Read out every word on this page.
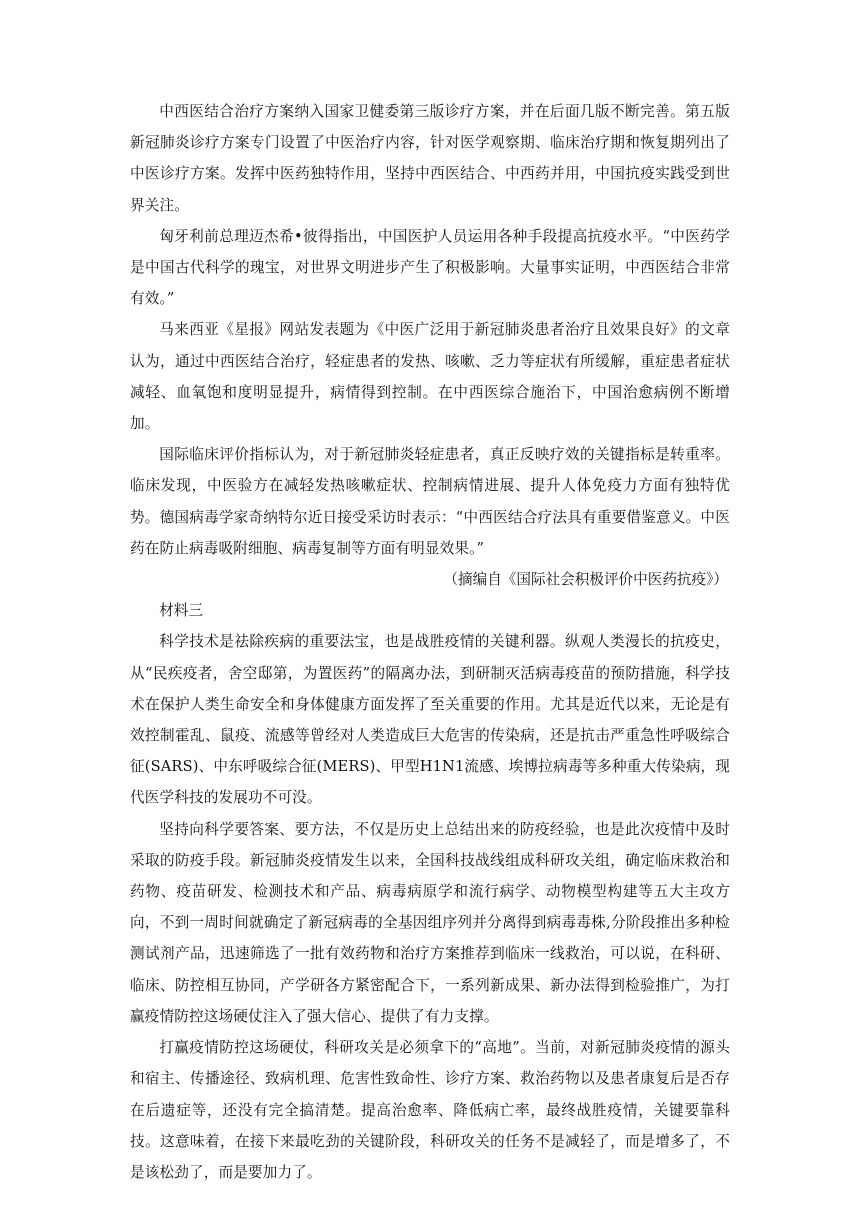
中西医结合治疗方案纳入国家卫健委第三版诊疗方案，并在后面几版不断完善。第五版新冠肺炎诊疗方案专门设置了中医治疗内容，针对医学观察期、临床治疗期和恢复期列出了中医诊疗方案。发挥中医药独特作用，坚持中西医结合、中西药并用，中国抗疫实践受到世界关注。

匈牙利前总理迈杰希•彼得指出，中国医护人员运用各种手段提高抗疫水平。“中医药学是中国古代科学的瑰宝，对世界文明进步产生了积极影响。大量事实证明，中西医结合非常有效。”

马来西亚《星报》网站发表题为《中医广泛用于新冠肺炎患者治疗且效果良好》的文章认为，通过中西医结合治疗，轻症患者的发热、咳嗽、乏力等症状有所缓解，重症患者症状减轻、血氧饱和度明显提升，病情得到控制。在中西医综合施治下，中国治愈病例不断增加。

国际临床评价指标认为，对于新冠肺炎轻症患者，真正反映疗效的关键指标是转重率。临床发现，中医验方在减轻发热咳嗽症状、控制病情进展、提升人体免疫力方面有独特优势。德国病毒学家奇纳特尔近日接受采访时表示：“中西医结合疗法具有重要借鉴意义。中医药在防止病毒吸附细胞、病毒复制等方面有明显效果。”

（摘编自《国际社会积极评价中医药抗疫》）

材料三

科学技术是祛除疾病的重要法宝，也是战胜疫情的关键利器。纵观人类漫长的抗疫史，从“民疾疫者，舍空邸第，为置医药”的隔离办法，到研制灭活病毒疫苗的预防措施，科学技术在保护人类生命安全和身体健康方面发挥了至关重要的作用。尤其是近代以来，无论是有效控制霍乱、鼠疫、流感等曾经对人类造成巨大危害的传染病，还是抗击严重急性呼吸综合征(SARS)、中东呼吸综合征(MERS)、甲型H1N1流感、埃博拉病毒等多种重大传染病，现代医学科技的发展功不可没。

坚持向科学要答案、要方法，不仅是历史上总结出来的防疫经验，也是此次疫情中及时采取的防疫手段。新冠肺炎疫情发生以来，全国科技战线组成科研攻关组，确定临床救治和药物、疫苗研发、检测技术和产品、病毒病原学和流行病学、动物模型构建等五大主攻方向，不到一周时间就确定了新冠病毒的全基因组序列并分离得到病毒毒株,分阶段推出多种检测试剂产品，迅速筛选了一批有效药物和治疗方案推荐到临床一线救治，可以说，在科研、临床、防控相互协同，产学研各方紧密配合下，一系列新成果、新办法得到检验推广，为打赢疫情防控这场硬仗注入了强大信心、提供了有力支撑。

打赢疫情防控这场硬仗，科研攻关是必须拿下的“高地”。当前，对新冠肺炎疫情的源头和宿主、传播途径、致病机理、危害性致命性、诊疗方案、救治药物以及患者康复后是否存在后遗症等，还没有完全搞清楚。提高治愈率、降低病亡率，最终战胜疫情，关键要靠科技。这意味着，在接下来最吃劲的关键阶段，科研攻关的任务不是减轻了，而是增多了，不是该松劲了，而是要加力了。
